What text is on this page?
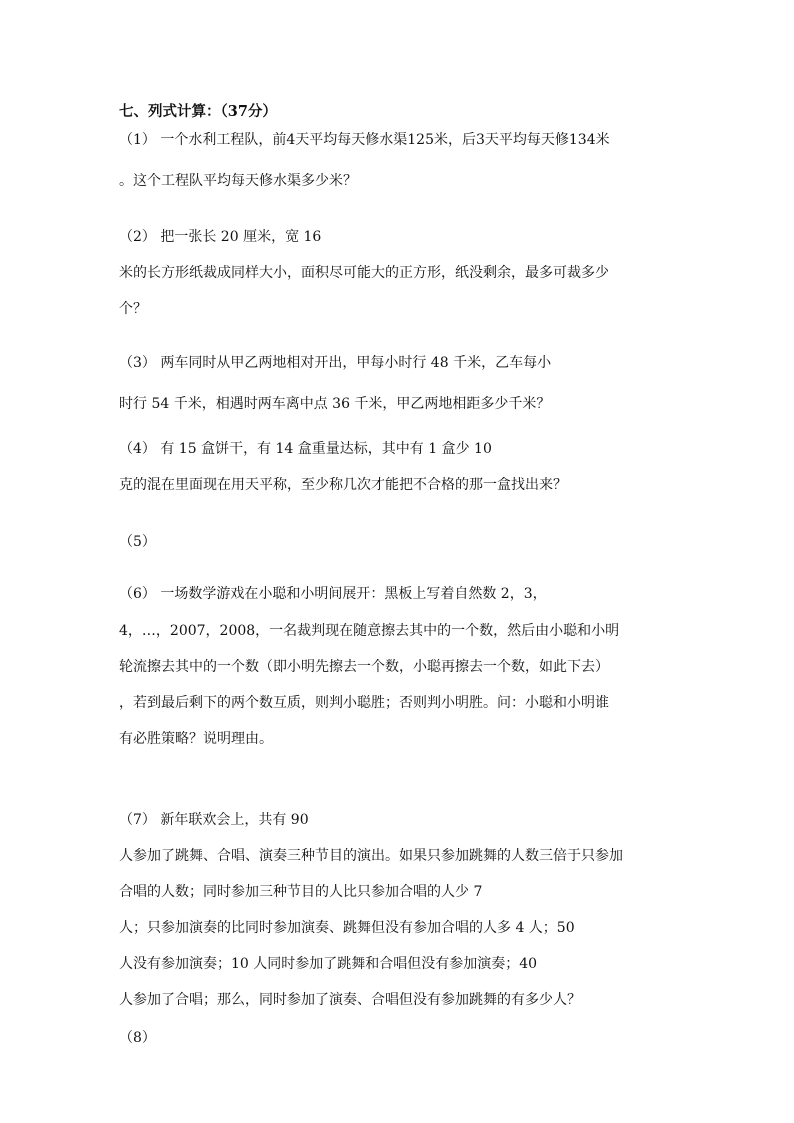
七、列式计算：（37分）
（1） 一个水利工程队，前4天平均每天修水渠125米，后3天平均每天修134米
。这个工程队平均每天修水渠多少米？
（2） 把一张长 20 厘米，宽 16
米的长方形纸裁成同样大小，面积尽可能大的正方形，纸没剩余，最多可裁多少
个？
（3） 两车同时从甲乙两地相对开出，甲每小时行 48 千米，乙车每小
时行 54 千米，相遇时两车离中点 36 千米，甲乙两地相距多少千米？
（4） 有 15 盒饼干，有 14 盒重量达标，其中有 1 盒少 10
克的混在里面现在用天平称，至少称几次才能把不合格的那一盒找出来？
（5）
（6） 一场数学游戏在小聪和小明间展开：黑板上写着自然数 2，3，
4，…，2007，2008，一名裁判现在随意擦去其中的一个数，然后由小聪和小明
轮流擦去其中的一个数（即小明先擦去一个数，小聪再擦去一个数，如此下去）
，若到最后剩下的两个数互质，则判小聪胜；否则判小明胜。问：小聪和小明谁
有必胜策略？说明理由。
（7） 新年联欢会上，共有 90
人参加了跳舞、合唱、演奏三种节目的演出。如果只参加跳舞的人数三倍于只参加
合唱的人数；同时参加三种节目的人比只参加合唱的人少 7
人；只参加演奏的比同时参加演奏、跳舞但没有参加合唱的人多 4 人；50
人没有参加演奏；10 人同时参加了跳舞和合唱但没有参加演奏；40
人参加了合唱；那么，同时参加了演奏、合唱但没有参加跳舞的有多少人？
（8）
